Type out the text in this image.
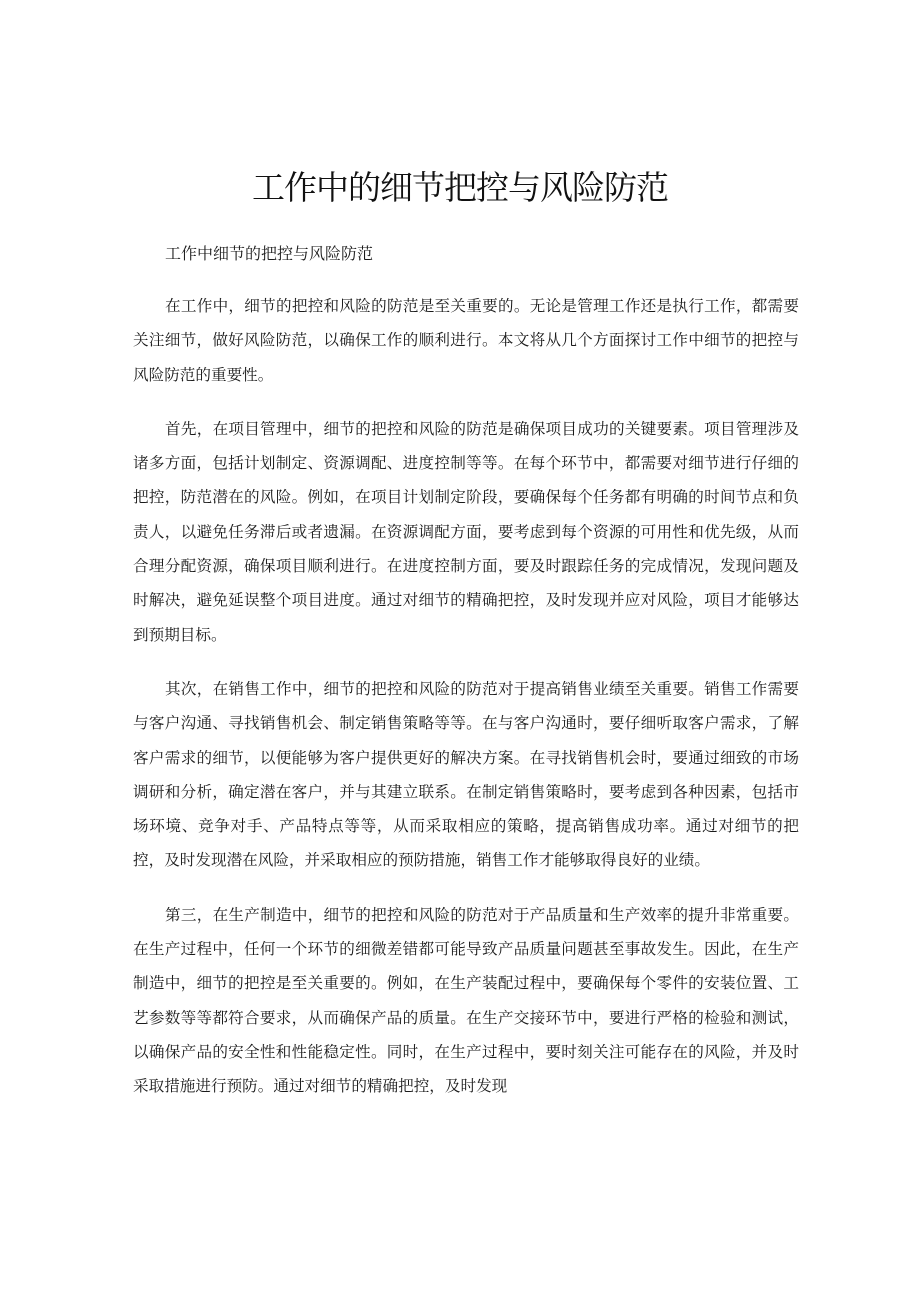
工作中的细节把控与风险防范

工作中细节的把控与风险防范

在工作中，细节的把控和风险的防范是至关重要的。无论是管理工作还是执行工作，都需要关注细节，做好风险防范，以确保工作的顺利进行。本文将从几个方面探讨工作中细节的把控与风险防范的重要性。

首先，在项目管理中，细节的把控和风险的防范是确保项目成功的关键要素。项目管理涉及诸多方面，包括计划制定、资源调配、进度控制等等。在每个环节中，都需要对细节进行仔细的把控，防范潜在的风险。例如，在项目计划制定阶段，要确保每个任务都有明确的时间节点和负责人，以避免任务滞后或者遗漏。在资源调配方面，要考虑到每个资源的可用性和优先级，从而合理分配资源，确保项目顺利进行。在进度控制方面，要及时跟踪任务的完成情况，发现问题及时解决，避免延误整个项目进度。通过对细节的精确把控，及时发现并应对风险，项目才能够达到预期目标。

其次，在销售工作中，细节的把控和风险的防范对于提高销售业绩至关重要。销售工作需要与客户沟通、寻找销售机会、制定销售策略等等。在与客户沟通时，要仔细听取客户需求，了解客户需求的细节，以便能够为客户提供更好的解决方案。在寻找销售机会时，要通过细致的市场调研和分析，确定潜在客户，并与其建立联系。在制定销售策略时，要考虑到各种因素，包括市场环境、竞争对手、产品特点等等，从而采取相应的策略，提高销售成功率。通过对细节的把控，及时发现潜在风险，并采取相应的预防措施，销售工作才能够取得良好的业绩。

第三，在生产制造中，细节的把控和风险的防范对于产品质量和生产效率的提升非常重要。在生产过程中，任何一个环节的细微差错都可能导致产品质量问题甚至事故发生。因此，在生产制造中，细节的把控是至关重要的。例如，在生产装配过程中，要确保每个零件的安装位置、工艺参数等等都符合要求，从而确保产品的质量。在生产交接环节中，要进行严格的检验和测试，以确保产品的安全性和性能稳定性。同时，在生产过程中，要时刻关注可能存在的风险，并及时采取措施进行预防。通过对细节的精确把控，及时发现
